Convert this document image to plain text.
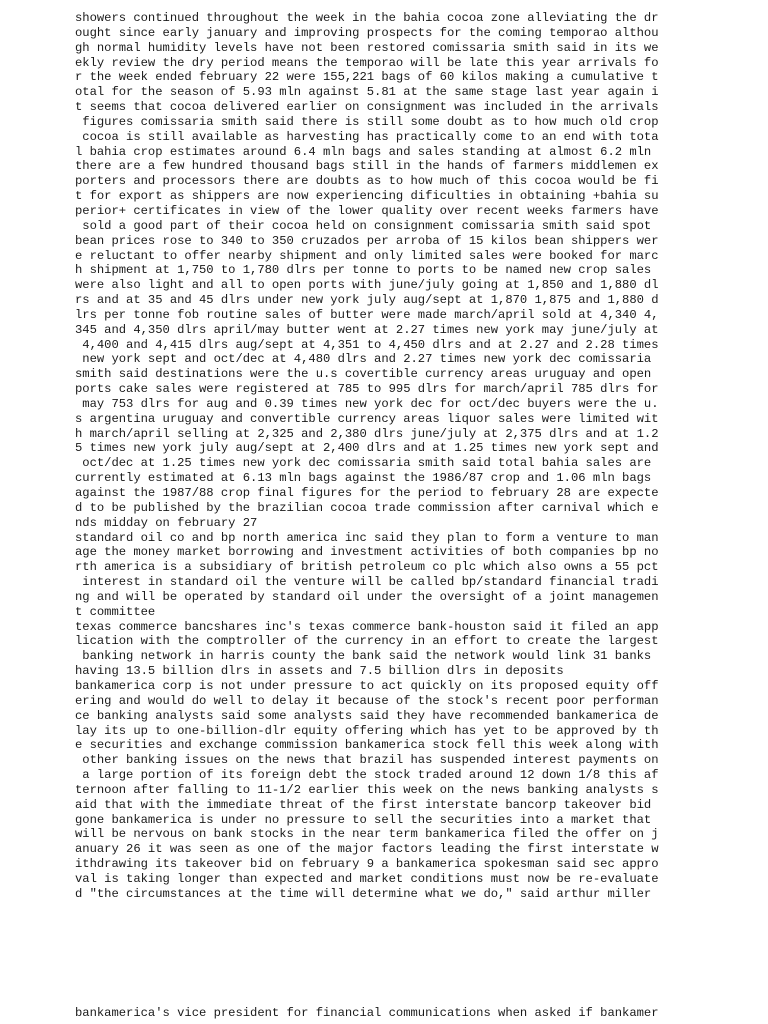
showers continued throughout the week in the bahia cocoa zone alleviating the dr
ought since early january and improving prospects for the coming temporao althou
gh normal humidity levels have not been restored comissaria smith said in its we
ekly review the dry period means the temporao will be late this year arrivals fo
r the week ended february 22 were 155,221 bags of 60 kilos making a cumulative t
otal for the season of 5.93 mln against 5.81 at the same stage last year again i
t seems that cocoa delivered earlier on consignment was included in the arrivals
figures comissaria smith said there is still some doubt as to how much old crop
cocoa is still available as harvesting has practically come to an end with tota
l bahia crop estimates around 6.4 mln bags and sales standing at almost 6.2 mln
there are a few hundred thousand bags still in the hands of farmers middlemen ex
porters and processors there are doubts as to how much of this cocoa would be fi
t for export as shippers are now experiencing dificulties in obtaining +bahia su
perior+ certificates in view of the lower quality over recent weeks farmers have
sold a good part of their cocoa held on consignment comissaria smith said spot
bean prices rose to 340 to 350 cruzados per arroba of 15 kilos bean shippers wer
e reluctant to offer nearby shipment and only limited sales were booked for marc
h shipment at 1,750 to 1,780 dlrs per tonne to ports to be named new crop sales
were also light and all to open ports with june/july going at 1,850 and 1,880 dl
rs and at 35 and 45 dlrs under new york july aug/sept at 1,870 1,875 and 1,880 d
lrs per tonne fob routine sales of butter were made march/april sold at 4,340 4,
345 and 4,350 dlrs april/may butter went at 2.27 times new york may june/july at
4,400 and 4,415 dlrs aug/sept at 4,351 to 4,450 dlrs and at 2.27 and 2.28 times
new york sept and oct/dec at 4,480 dlrs and 2.27 times new york dec comissaria
smith said destinations were the u.s covertible currency areas uruguay and open
ports cake sales were registered at 785 to 995 dlrs for march/april 785 dlrs for
may 753 dlrs for aug and 0.39 times new york dec for oct/dec buyers were the u.
s argentina uruguay and convertible currency areas liquor sales were limited wit
h march/april selling at 2,325 and 2,380 dlrs june/july at 2,375 dlrs and at 1.2
5 times new york july aug/sept at 2,400 dlrs and at 1.25 times new york sept and
oct/dec at 1.25 times new york dec comissaria smith said total bahia sales are
currently estimated at 6.13 mln bags against the 1986/87 crop and 1.06 mln bags
against the 1987/88 crop final figures for the period to february 28 are expecte
d to be published by the brazilian cocoa trade commission after carnival which e
nds midday on february 27
standard oil co and bp north america inc said they plan to form a venture to man
age the money market borrowing and investment activities of both companies bp no
rth america is a subsidiary of british petroleum co plc which also owns a 55 pct
interest in standard oil the venture will be called bp/standard financial tradi
ng and will be operated by standard oil under the oversight of a joint managemen
t committee
texas commerce bancshares inc's texas commerce bank-houston said it filed an app
lication with the comptroller of the currency in an effort to create the largest
banking network in harris county the bank said the network would link 31 banks
having 13.5 billion dlrs in assets and 7.5 billion dlrs in deposits
bankamerica corp is not under pressure to act quickly on its proposed equity off
ering and would do well to delay it because of the stock's recent poor performan
ce banking analysts said some analysts said they have recommended bankamerica de
lay its up to one-billion-dlr equity offering which has yet to be approved by th
e securities and exchange commission bankamerica stock fell this week along with
other banking issues on the news that brazil has suspended interest payments on
a large portion of its foreign debt the stock traded around 12 down 1/8 this af
ternoon after falling to 11-1/2 earlier this week on the news banking analysts s
aid that with the immediate threat of the first interstate bancorp takeover bid
gone bankamerica is under no pressure to sell the securities into a market that
will be nervous on bank stocks in the near term bankamerica filed the offer on j
anuary 26 it was seen as one of the major factors leading the first interstate w
ithdrawing its takeover bid on february 9 a bankamerica spokesman said sec appro
val is taking longer than expected and market conditions must now be re-evaluate
d "the circumstances at the time will determine what we do," said arthur miller
bankamerica's vice president for financial communications when asked if bankamer
